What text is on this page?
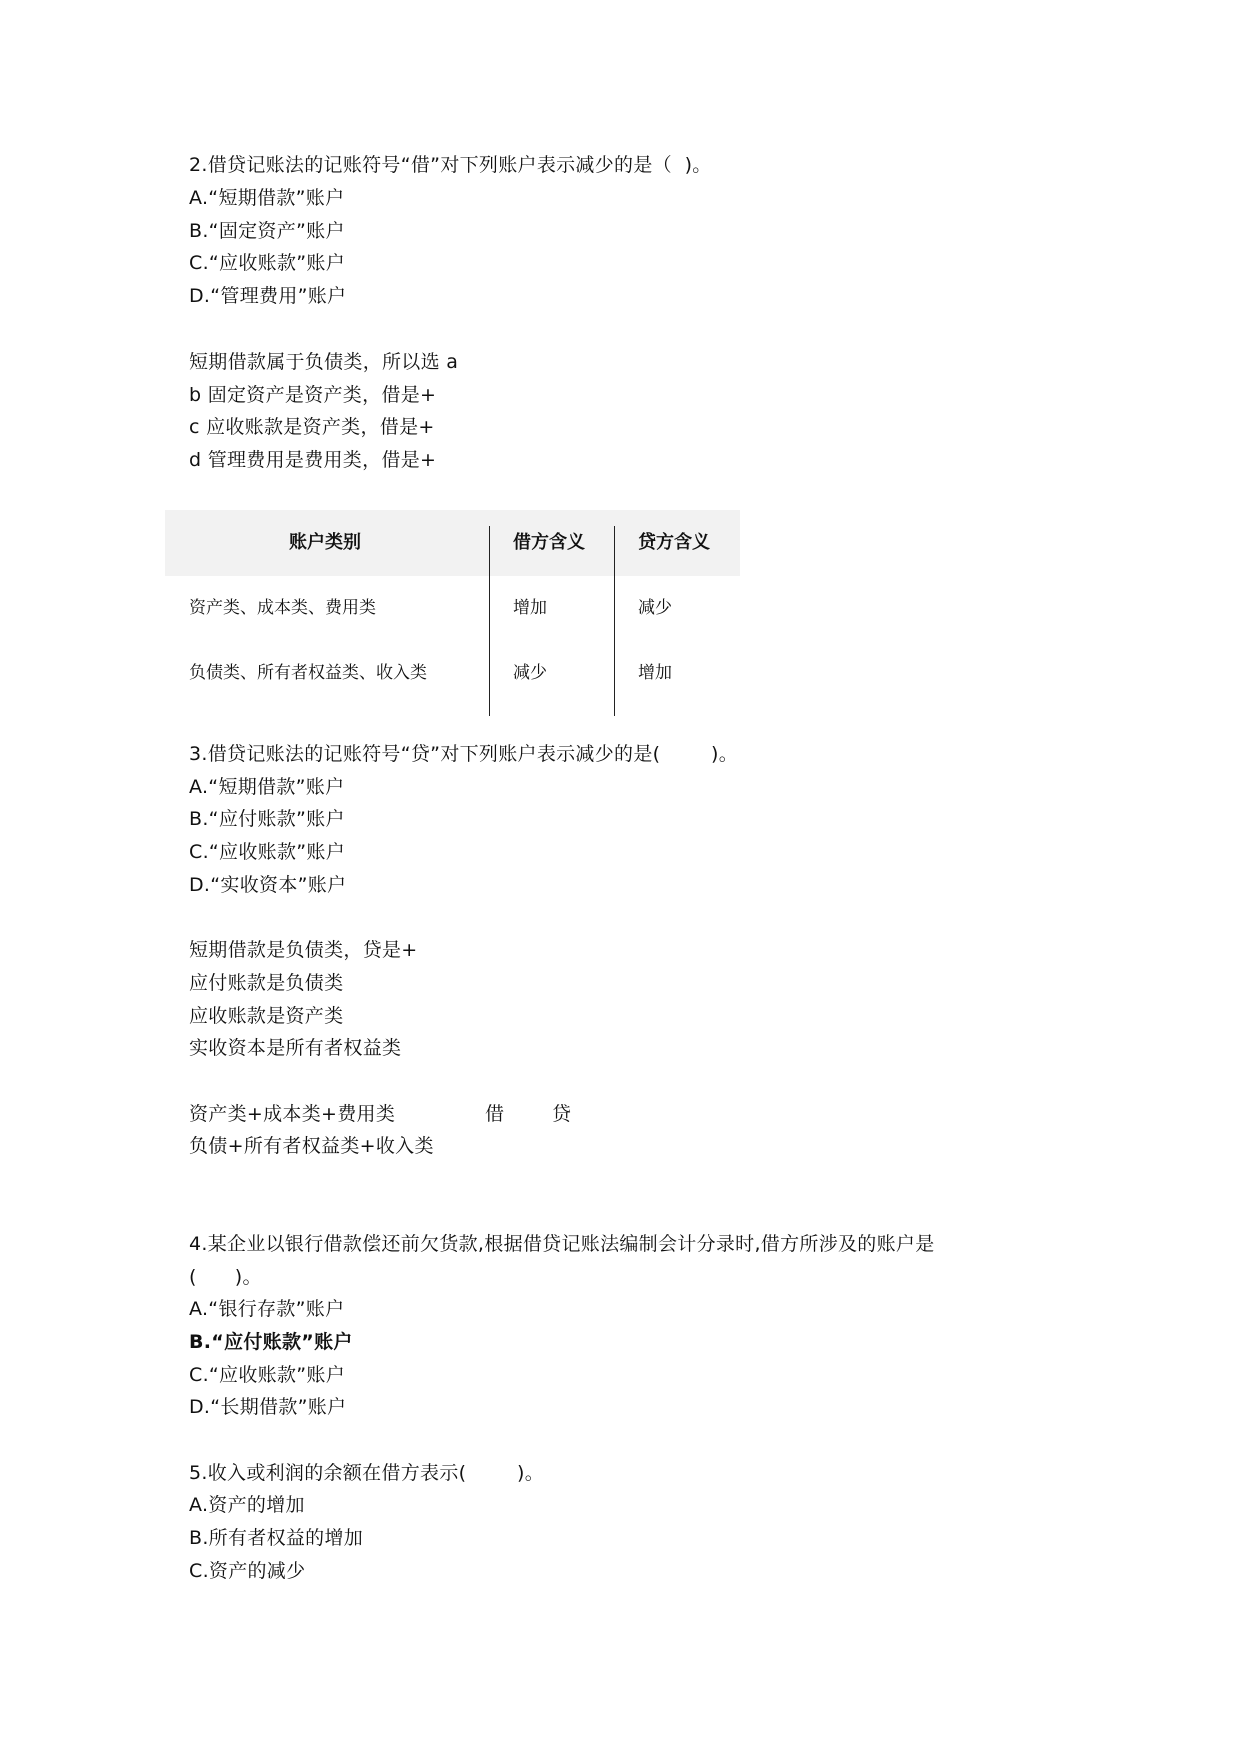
2.借贷记账法的记账符号“借”对下列账户表示减少的是（  )。
A.“短期借款”账户
B.“固定资产”账户
C.“应收账款”账户
D.“管理费用”账户
短期借款属于负债类，所以选 a
b 固定资产是资产类，借是+
c 应收账款是资产类，借是+
d 管理费用是费用类，借是+
账户类别	借方含义	贷方含义
资产类、成本类、费用类	增加	减少
负债类、所有者权益类、收入类	减少	增加
3.借贷记账法的记账符号“贷”对下列账户表示减少的是(        )。
A.“短期借款”账户
B.“应付账款”账户
C.“应收账款”账户
D.“实收资本”账户
短期借款是负债类，贷是+
应付账款是负债类
应收账款是资产类
实收资本是所有者权益类

资产类+成本类+费用类

	借

	贷

负债+所有者权益类+收入类
4.某企业以银行借款偿还前欠货款,根据借贷记账法编制会计分录时,借方所涉及的账户是
(      )。
A.“银行存款”账户
B.“应付账款”账户
C.“应收账款”账户
D.“长期借款”账户
5.收入或利润的余额在借方表示(        )。
A.资产的增加
B.所有者权益的增加
C.资产的减少
